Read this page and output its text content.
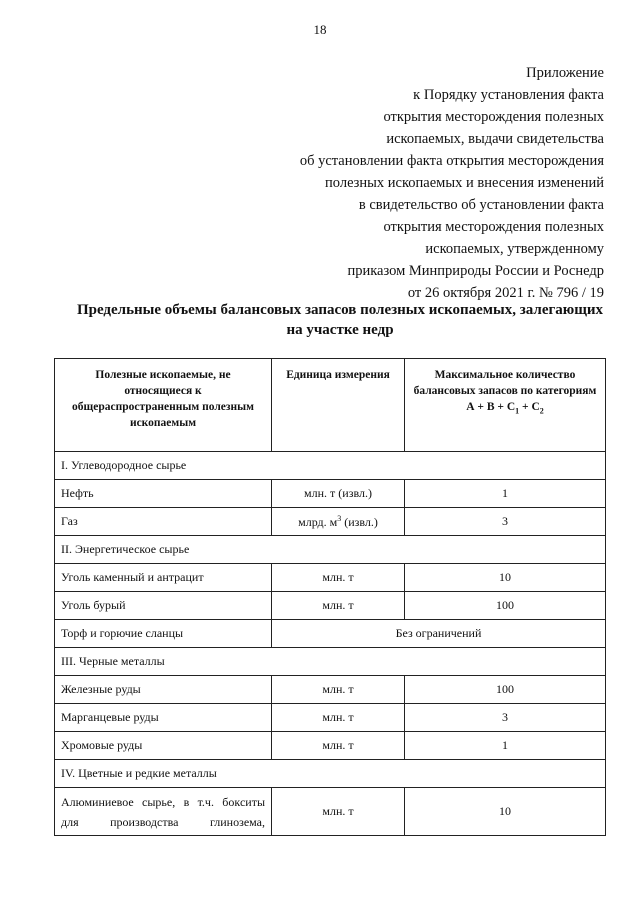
18
Приложение
к Порядку установления факта
открытия месторождения полезных
ископаемых, выдачи свидетельства
об установлении факта открытия месторождения
полезных ископаемых и внесения изменений
в свидетельство об установлении факта
открытия месторождения полезных
ископаемых, утвержденному
приказом Минприроды России и Роснедр
от 26 октября 2021 г. № 796 / 19
Предельные объемы балансовых запасов полезных ископаемых, залегающих
на участке недр
Полезные ископаемые, не относящиеся к общераспространенным полезным ископаемым	Единица измерения	Максимальное количество балансовых запасов по категориям
$А + В + С_1 + С_2$

I. Углеводородное сырье		
Нефть	млн. т (извл.)	1
Газ	млрд. $м^3$ (извл.)	3
II. Энергетическое сырье		
Уголь каменный и антрацит	млн. т	10
Уголь бурый	млн. т	100
Торф и горючие сланцы	Без ограничений	
III. Черные металлы		
Железные руды	млн. т	100
Марганцевые руды	млн. т	3
Хромовые руды	млн. т	1
IV. Цветные и редкие металлы		

Алюминиевое сырье, в т.ч. бокситы
для производства глинозема,	млн. т	10
